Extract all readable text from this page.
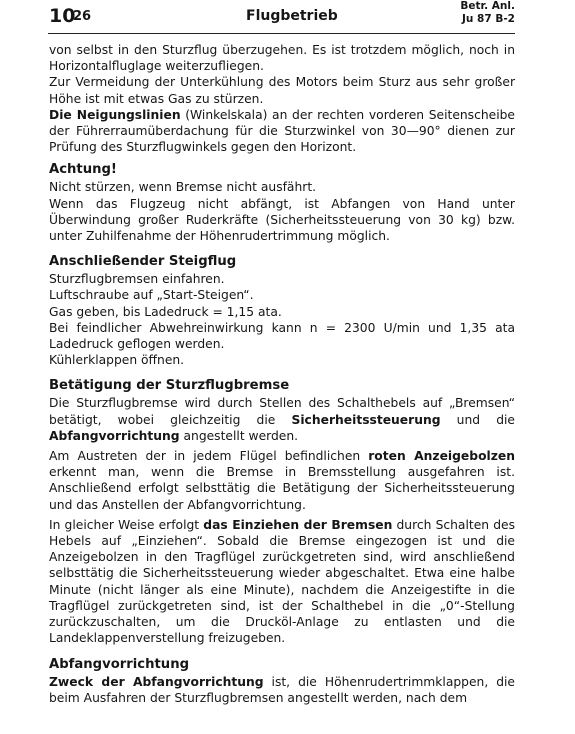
10
26	Flugbetrieb
Betr. Anl.
Ju 87 B-2

von selbst in den Sturzflug überzugehen. Es ist trotzdem möglich, noch in Horizontalfluglage weiterzufliegen.

Zur Vermeidung der Unterkühlung des Motors beim Sturz aus sehr großer Höhe ist mit etwas Gas zu stürzen.

Die Neigungslinien (Winkelskala) an der rechten vorderen Seitenscheibe der Führerraumüberdachung für die Sturzwinkel von 30—90° dienen zur Prüfung des Sturzflugwinkels gegen den Horizont.

Achtung!

Nicht stürzen, wenn Bremse nicht ausfährt.

Wenn das Flugzeug nicht abfängt, ist Abfangen von Hand unter Überwindung großer Ruderkräfte (Sicherheitssteuerung von 30 kg) bzw. unter Zuhilfenahme der Höhenrudertrimmung möglich.

Anschließender Steigflug

Sturzflugbremsen einfahren.

Luftschraube auf „Start-Steigen“.

Gas geben, bis Ladedruck = 1,15 ata.

Bei feindlicher Abwehreinwirkung kann n = 2300 U/min und 1,35 ata Ladedruck geflogen werden.

Kühlerklappen öffnen.

Betätigung der Sturzflugbremse

Die Sturzflugbremse wird durch Stellen des Schalthebels auf „Bremsen“ betätigt, wobei gleichzeitig die Sicherheitssteuerung und die Abfangvorrichtung angestellt werden.

Am Austreten der in jedem Flügel befindlichen roten Anzeigebolzen erkennt man, wenn die Bremse in Bremsstellung ausgefahren ist. Anschließend erfolgt selbsttätig die Betätigung der Sicherheitssteuerung und das Anstellen der Abfangvorrichtung.

In gleicher Weise erfolgt das Einziehen der Bremsen durch Schalten des Hebels auf „Einziehen“. Sobald die Bremse eingezogen ist und die Anzeigebolzen in den Tragflügel zurückgetreten sind, wird anschließend selbsttätig die Sicherheitssteuerung wieder abgeschaltet. Etwa eine halbe Minute (nicht länger als eine Minute), nachdem die Anzeigestifte in die Tragflügel zurückgetreten sind, ist der Schalthebel in die „0“-Stellung zurückzuschalten, um die Drucköl-Anlage zu entlasten und die Landeklappenverstellung freizugeben.

Abfangvorrichtung

Zweck der Abfangvorrichtung ist, die Höhenrudertrimmklappen, die beim Ausfahren der Sturzflugbremsen angestellt werden, nach dem
